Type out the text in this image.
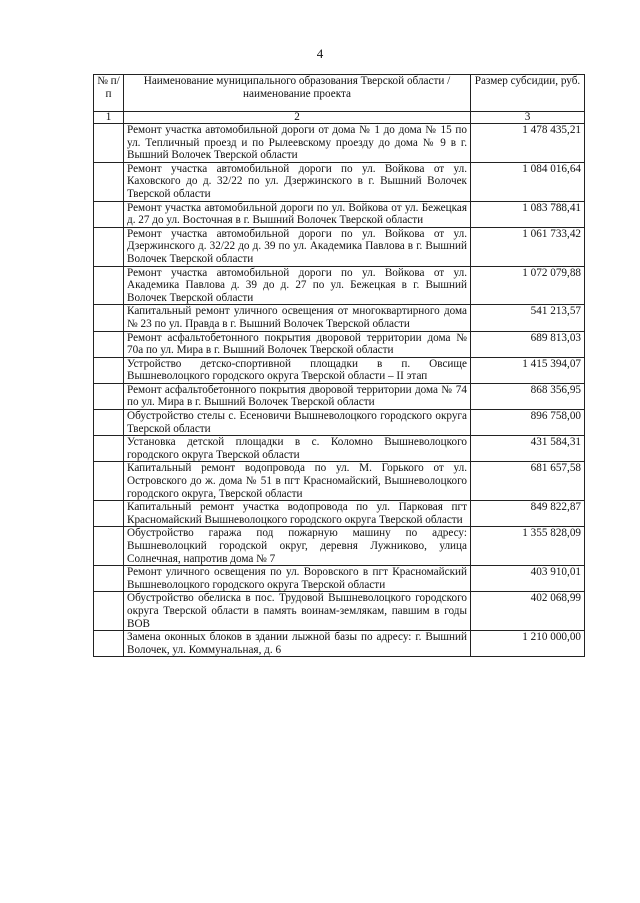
4
№ п/п	Наименование муниципального образования Тверской области / наименование проекта	Размер субсидии, руб.
1	2	3
	Ремонт участка автомобильной дороги от дома № 1 до дома № 15 по ул. Тепличный проезд и по Рылеевскому проезду до дома № 9 в г. Вышний Волочек Тверской области	1 478 435,21
	Ремонт участка автомобильной дороги по ул. Войкова от ул. Каховского до д. 32/22 по ул. Дзержинского в г. Вышний Волочек Тверской области	1 084 016,64
	Ремонт участка автомобильной дороги по ул. Войкова от ул. Бежецкая д. 27 до ул. Восточная в г. Вышний Волочек Тверской области	1 083 788,41
	Ремонт участка автомобильной дороги по ул. Войкова от ул. Дзержинского д. 32/22 до д. 39 по ул. Академика Павлова в г. Вышний Волочек Тверской области	1 061 733,42
	Ремонт участка автомобильной дороги по ул. Войкова от ул. Академика Павлова д. 39 до д. 27 по ул. Бежецкая в г. Вышний Волочек Тверской области	1 072 079,88
	Капитальный ремонт уличного освещения от многоквартирного дома № 23 по ул. Правда в г. Вышний Волочек Тверской области	541 213,57
	Ремонт асфальтобетонного покрытия дворовой территории дома № 70а по ул. Мира в г. Вышний Волочек Тверской области	689 813,03
	Устройство детско-спортивной площадки в п. Овсище Вышневолоцкого городского округа Тверской области – II этап	1 415 394,07
	Ремонт асфальтобетонного покрытия дворовой территории дома № 74 по ул. Мира в г. Вышний Волочек Тверской области	868 356,95
	Обустройство стелы с. Есеновичи Вышневолоцкого городского округа Тверской области	896 758,00
	Установка детской площадки в с. Коломно Вышневолоцкого городского округа Тверской области	431 584,31
	Капитальный ремонт водопровода по ул. М. Горького от ул. Островского до ж. дома № 51 в пгт Красномайский, Вышневолоцкого городского округа, Тверской области	681 657,58
	Капитальный ремонт участка водопровода по ул. Парковая пгт Красномайский Вышневолоцкого городского округа Тверской области	849 822,87
	Обустройство гаража под пожарную машину по адресу: Вышневолоцкий городской округ, деревня Лужниково, улица Солнечная, напротив дома № 7	1 355 828,09
	Ремонт уличного освещения по ул. Воровского в пгт Красномайский Вышневолоцкого городского округа Тверской области	403 910,01
	Обустройство обелиска в пос. Трудовой Вышневолоцкого городского округа Тверской области в память воинам-землякам, павшим в годы ВОВ	402 068,99
	Замена оконных блоков в здании лыжной базы по адресу: г. Вышний Волочек, ул. Коммунальная, д. 6	1 210 000,00
